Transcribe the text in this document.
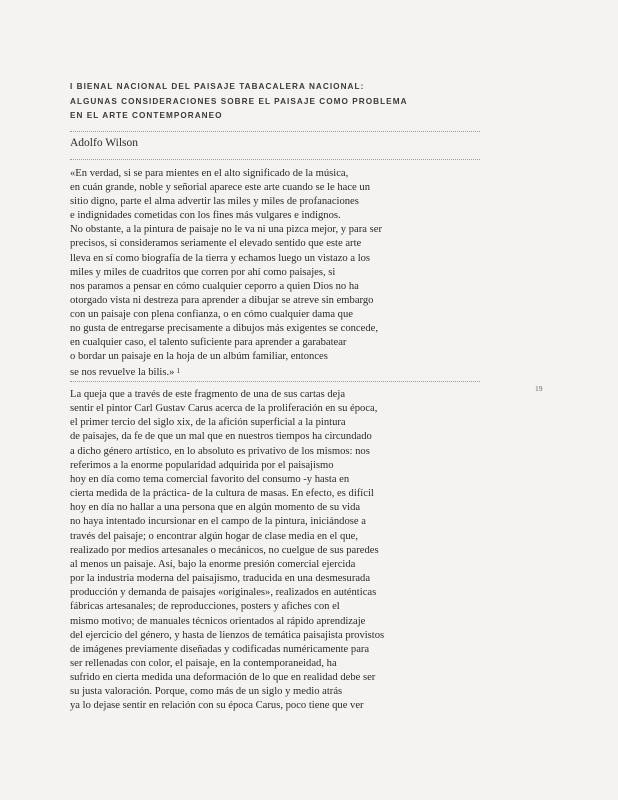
I BIENAL NACIONAL DEL PAISAJE TABACALERA NACIONAL:
ALGUNAS CONSIDERACIONES SOBRE EL PAISAJE COMO PROBLEMA
EN EL ARTE CONTEMPORANEO
Adolfo Wilson
«En verdad, si se para mientes en el alto significado de la música,
en cuán grande, noble y señorial aparece este arte cuando se le hace un
sitio digno, parte el alma advertir las miles y miles de profanaciones
e indignidades cometidas con los fines más vulgares e indignos.
No obstante, a la pintura de paisaje no le va ni una pizca mejor, y para ser
precisos, si consideramos seriamente el elevado sentido que este arte
lleva en sí como biografía de la tierra y echamos luego un vistazo a los
miles y miles de cuadritos que corren por ahí como paisajes, si
nos paramos a pensar en cómo cualquier ceporro a quien Dios no ha
otorgado vista ni destreza para aprender a dibujar se atreve sin embargo
con un paisaje con plena confianza, o en cómo cualquier dama que
no gusta de entregarse precisamente a dibujos más exigentes se concede,
en cualquier caso, el talento suficiente para aprender a garabatear
o bordar un paisaje en la hoja de un albúm familiar, entonces
se nos revuelve la bilis.» $^1$
19
La queja que a través de este fragmento de una de sus cartas deja
sentir el pintor Carl Gustav Carus acerca de la proliferación en su época,
el primer tercio del siglo xix, de la afición superficial a la pintura
de paisajes, da fe de que un mal que en nuestros tiempos ha circundado
a dicho género artístico, en lo absoluto es privativo de los mismos: nos
referimos a la enorme popularidad adquirida por el paisajismo
hoy en día como tema comercial favorito del consumo -y hasta en
cierta medida de la práctica- de la cultura de masas. En efecto, es difícil
hoy en día no hallar a una persona que en algún momento de su vida
no haya intentado incursionar en el campo de la pintura, iniciándose a
través del paisaje; o encontrar algún hogar de clase media en el que,
realizado por medios artesanales o mecánicos, no cuelgue de sus paredes
al menos un paisaje. Así, bajo la enorme presión comercial ejercida
por la industria moderna del paisajismo, traducida en una desmesurada
producción y demanda de paisajes «originales», realizados en auténticas
fábricas artesanales; de reproducciones, posters y afiches con el
mismo motivo; de manuales técnicos orientados al rápido aprendizaje
del ejercicio del género, y hasta de lienzos de temática paisajista provistos
de imágenes previamente diseñadas y codificadas numéricamente para
ser rellenadas con color, el paisaje, en la contemporaneidad, ha
sufrido en cierta medida una deformación de lo que en realidad debe ser
su justa valoración. Porque, como más de un siglo y medio atrás
ya lo dejase sentir en relación con su época Carus, poco tiene que ver
